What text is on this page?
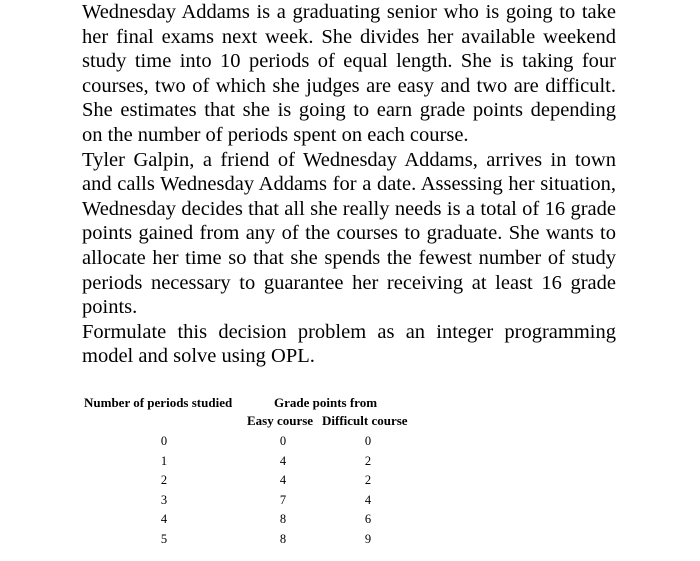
Wednesday Addams is a graduating senior who is going to take her final exams next week. She divides her available weekend study time into 10 periods of equal length. She is taking four courses, two of which she judges are easy and two are difficult. She estimates that she is going to earn grade points depending on the number of periods spent on each course.

Tyler Galpin, a friend of Wednesday Addams, arrives in town and calls Wednesday Addams for a date. Assessing her situation, Wednesday decides that all she really needs is a total of 16 grade points gained from any of the courses to graduate. She wants to allocate her time so that she spends the fewest number of study periods necessary to guarantee her receiving at least 16 grade points.

Formulate this decision problem as an integer programming model and solve using OPL.

Number of periods studied	Grade points from
Easy course Difficult course
0
1
2
3
4
5
0
4
4
7
8
8
0
2
2
4
6
9
